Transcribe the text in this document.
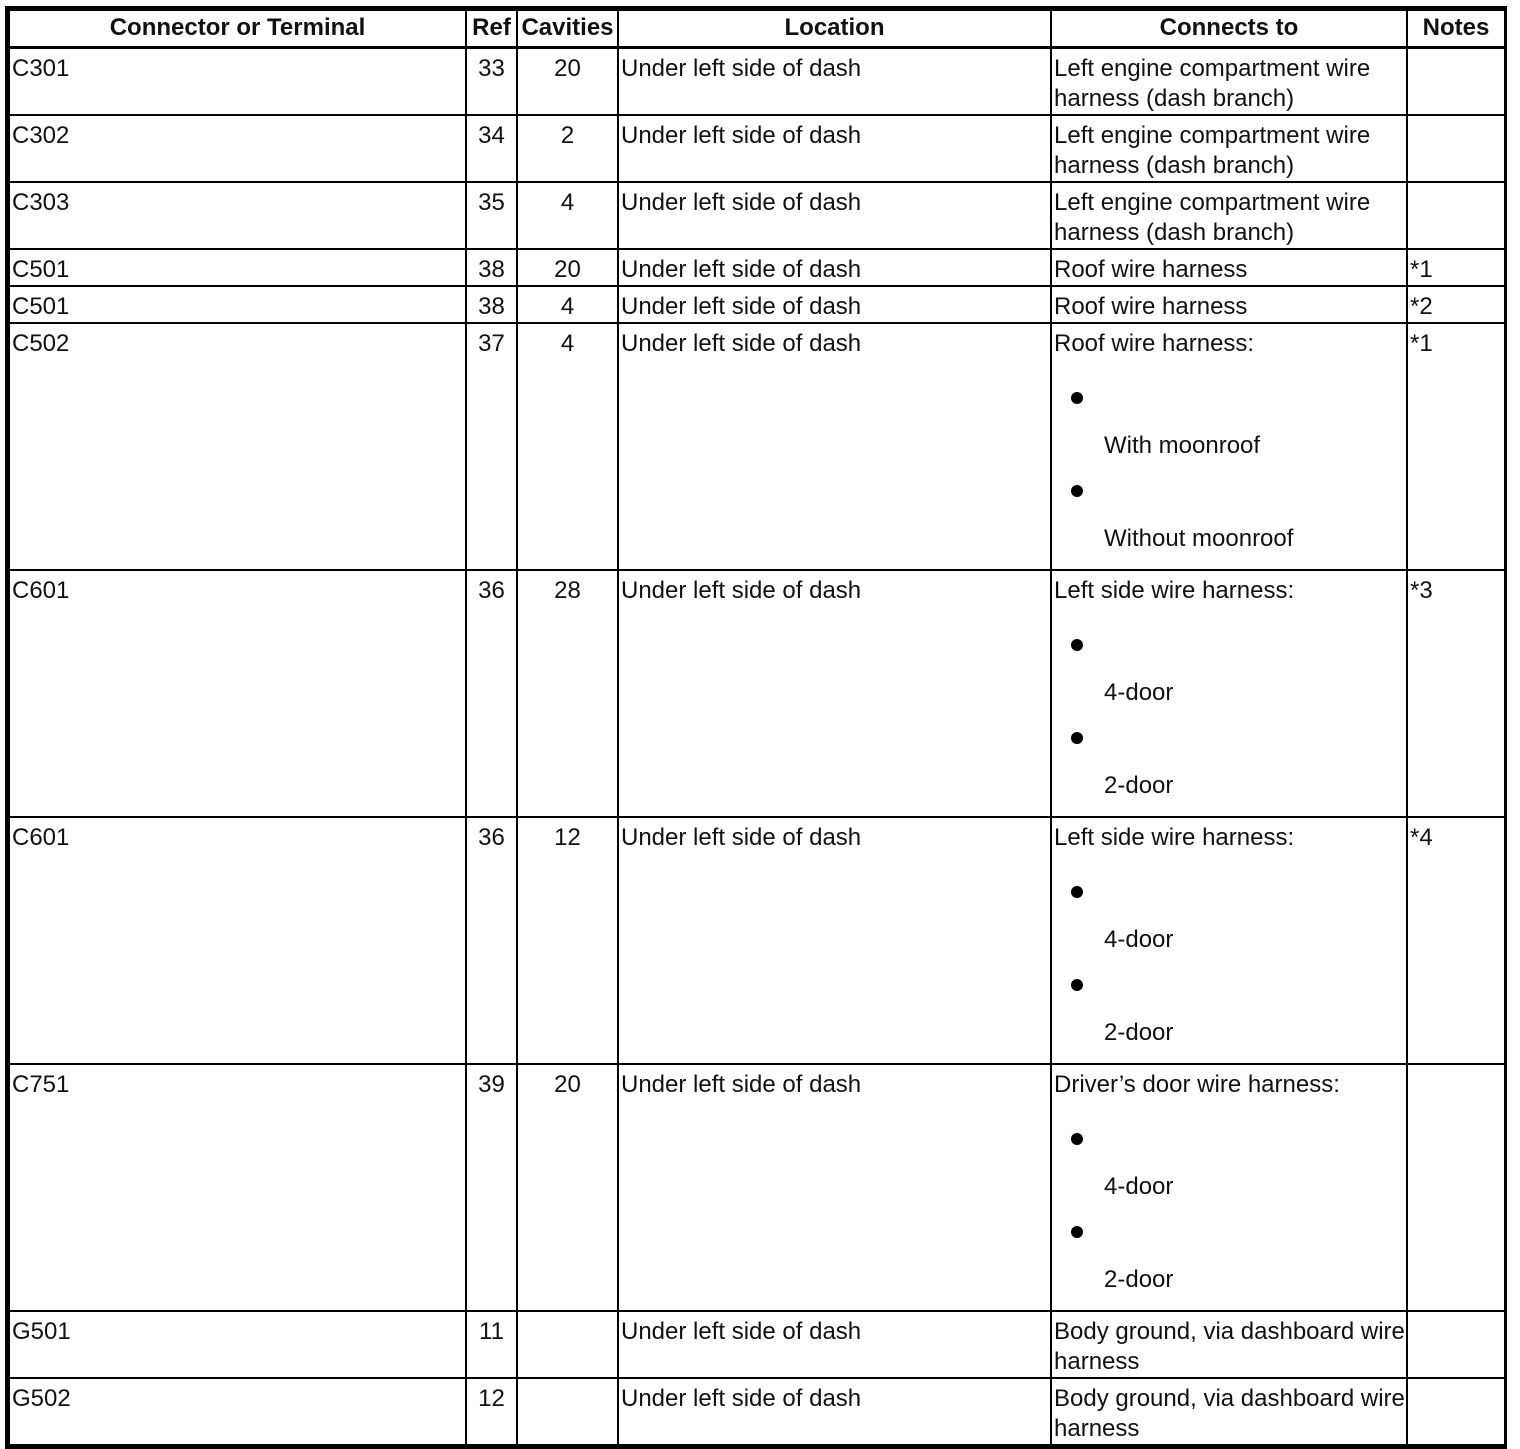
Connector or Terminal	Ref	Cavities	Location	Connects to	Notes
C301	33	20	Under left side of dash	Left engine compartment wire harness (dash branch)	

C302	34	2	Under left side of dash	Left engine compartment wire harness (dash branch)	

C303	35	4	Under left side of dash	Left engine compartment wire harness (dash branch)	

C501	38	20	Under left side of dash	Roof wire harness	*1
C501	38	4	Under left side of dash	Roof wire harness	*2
C502	37	4	Under left side of dash	Roof wire harness:
With moonroof
Without moonroof	*1
C601	36	28	Under left side of dash	Left side wire harness:
4-door
2-door	*3
C601	36	12	Under left side of dash	Left side wire harness:
4-door
2-door	*4
C751	39	20	Under left side of dash	Driver’s door wire harness:
4-door
2-door	

G501	11		Under left side of dash	Body ground, via dashboard wire harness	

G502	12		Under left side of dash	Body ground, via dashboard wire harness	
